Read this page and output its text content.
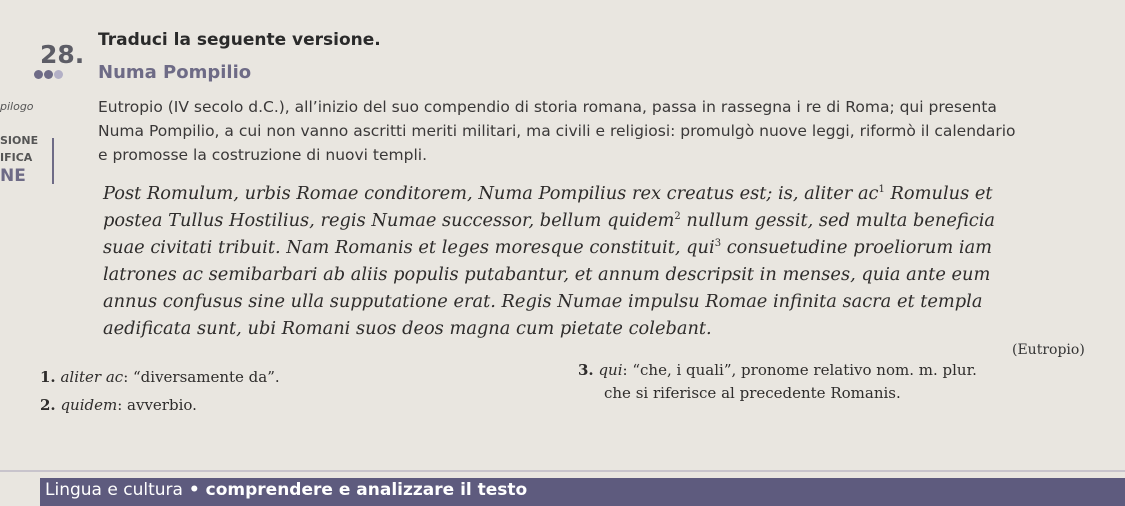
28. Traduci la seguente versione.
Numa Pompilio
pilogo
SIONE
IFICA
NE
Eutropio (IV secolo d.C.), all’inizio del suo compendio di storia romana, passa in rassegna i re di Roma; qui presenta
Numa Pompilio, a cui non vanno ascritti meriti militari, ma civili e religiosi: promulgò nuove leggi, riformò il calendario
e promosse la costruzione di nuovi templi.
Post Romulum, urbis Romae conditorem, Numa Pompilius rex creatus est; is, aliter $ac^1$ Romulus et
postea Tullus Hostilius, regis Numae successor, bellum quidem$^2$ nullum gessit, sed multa beneficia
suae civitati tribuit. Nam Romanis et leges moresque constituit, qui$^3$ consuetudine proeliorum iam
latrones ac semibarbari ab aliis populis putabantur, et annum descripsit in menses, quia ante eum
annus confusus sine ulla supputatione erat. Regis Numae impulsu Romae infinita sacra et templa
aedificata sunt, ubi Romani suos deos magna cum pietate colebant.
(Eutropio)
1. aliter ac: “diversamente da”.
2. quidem: avverbio.
3. qui: “che, i quali”, pronome relativo nom. m. plur.
che si riferisce al precedente Romanis.
Lingua e cultura • comprendere e analizzare il testo
